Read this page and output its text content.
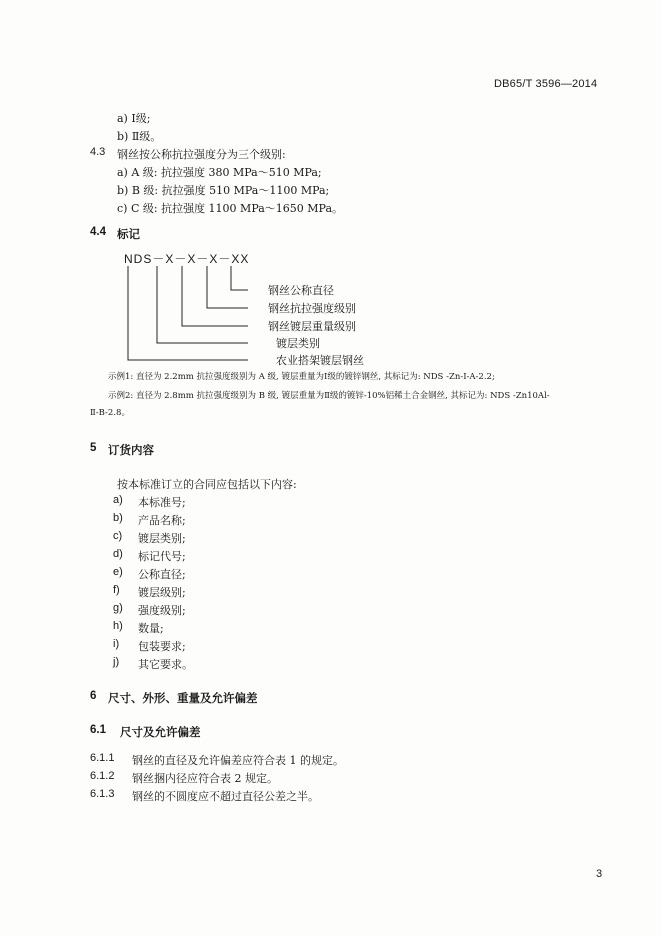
DB65/T 3596—2014
a) Ⅰ级;
b) Ⅱ级。
4.3 钢丝按公称抗拉强度分为三个级别:
a) A 级: 抗拉强度 380 MPa～510 MPa;
b) B 级: 抗拉强度 510 MPa～1100 MPa;
c) C 级: 抗拉强度 1100 MPa～1650 MPa。
4.4 标记
NDS－X－X－X－XX
钢丝公称直径
钢丝抗拉强度级别
钢丝镀层重量级别
镀层类别
农业搭架镀层钢丝
示例1: 直径为 2.2mm 抗拉强度级别为 A 级, 镀层重量为Ⅰ级的镀锌钢丝, 其标记为: NDS -Zn-Ⅰ-A-2.2;
示例2: 直径为 2.8mm 抗拉强度级别为 B 级, 镀层重量为Ⅱ级的镀锌-10%铝稀土合金钢丝, 其标记为: NDS -Zn10Al-
Ⅱ-B-2.8。
5 订货内容
按本标准订立的合同应包括以下内容:
a) 本标准号;
b) 产品名称;
c) 镀层类别;
d) 标记代号;
e) 公称直径;
f) 镀层级别;
g) 强度级别;
h) 数量;
i) 包装要求;
j) 其它要求。
6 尺寸、外形、重量及允许偏差
6.1 尺寸及允许偏差
6.1.1 钢丝的直径及允许偏差应符合表 1 的规定。
6.1.2 钢丝捆内径应符合表 2 规定。
6.1.3 钢丝的不圆度应不超过直径公差之半。
3
